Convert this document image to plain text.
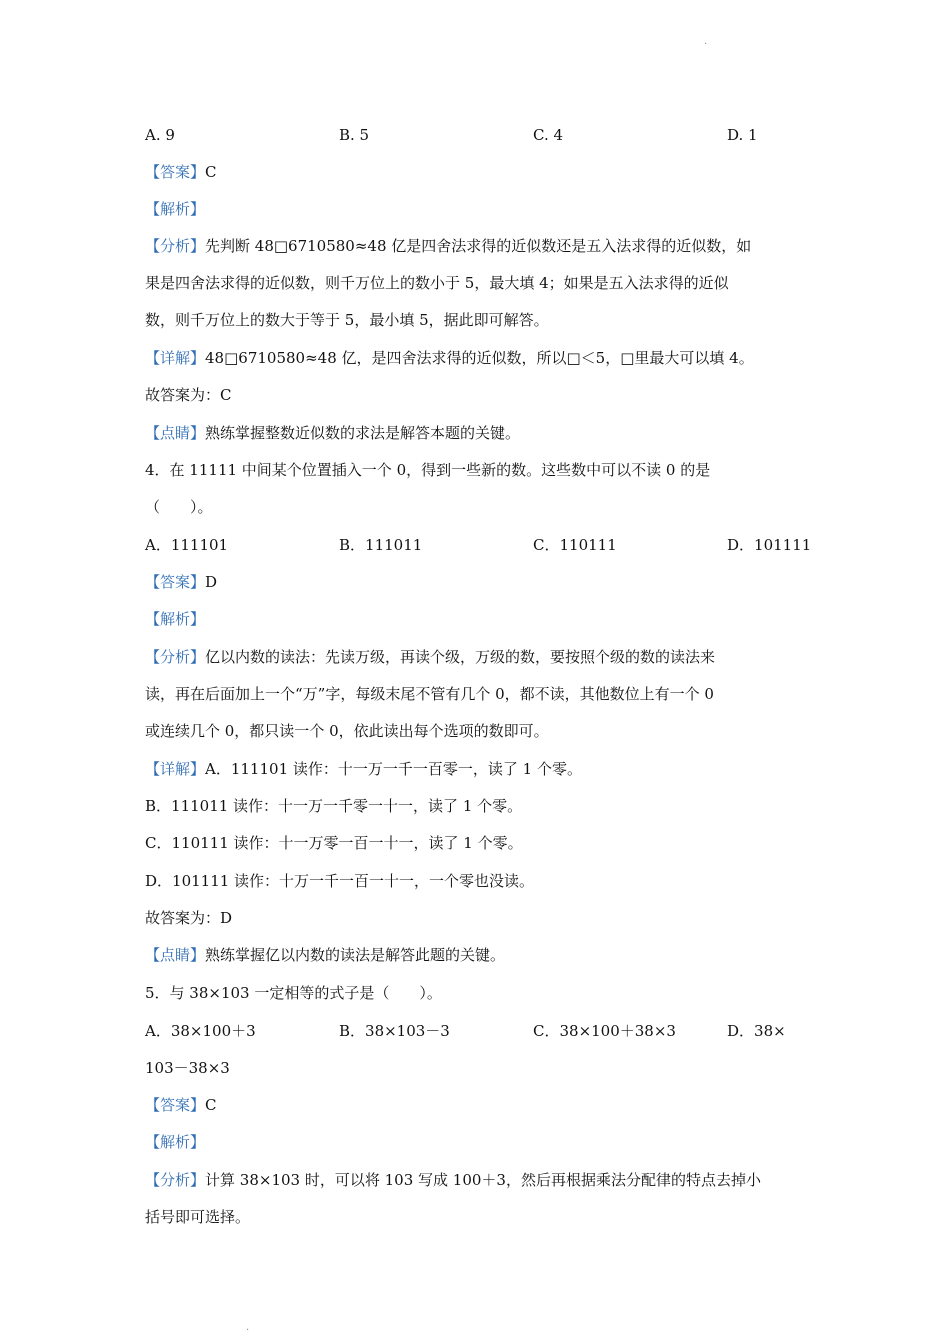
.
A. 9	B. 5	C. 4	D. 1
【答案】C
【解析】
【分析】先判断 48□6710580≈48 亿是四舍法求得的近似数还是五入法求得的近似数，如
果是四舍法求得的近似数，则千万位上的数小于 5，最大填 4；如果是五入法求得的近似
数，则千万位上的数大于等于 5，最小填 5，据此即可解答。
【详解】48□6710580≈48 亿，是四舍法求得的近似数，所以□＜5，□里最大可以填 4。
故答案为：C
【点睛】熟练掌握整数近似数的求法是解答本题的关键。
4．在 11111 中间某个位置插入一个 0，得到一些新的数。这些数中可以不读 0 的是
（　　）。
A．111101	B．111011	C．110111	D．101111
【答案】D
【解析】
【分析】亿以内数的读法：先读万级，再读个级，万级的数，要按照个级的数的读法来
读，再在后面加上一个“万”字，每级末尾不管有几个 0，都不读，其他数位上有一个 0
或连续几个 0，都只读一个 0，依此读出每个选项的数即可。
【详解】A．111101 读作：十一万一千一百零一，读了 1 个零。
B．111011 读作：十一万一千零一十一，读了 1 个零。
C．110111 读作：十一万零一百一十一，读了 1 个零。
D．101111 读作：十万一千一百一十一，一个零也没读。
故答案为：D
【点睛】熟练掌握亿以内数的读法是解答此题的关键。
5．与 38×103 一定相等的式子是（　　）。
A．38×100＋3	B．38×103－3	C．38×100＋38×3	D．38×
103－38×3
【答案】C
【解析】
【分析】计算 38×103 时，可以将 103 写成 100＋3，然后再根据乘法分配律的特点去掉小
括号即可选择。
.
